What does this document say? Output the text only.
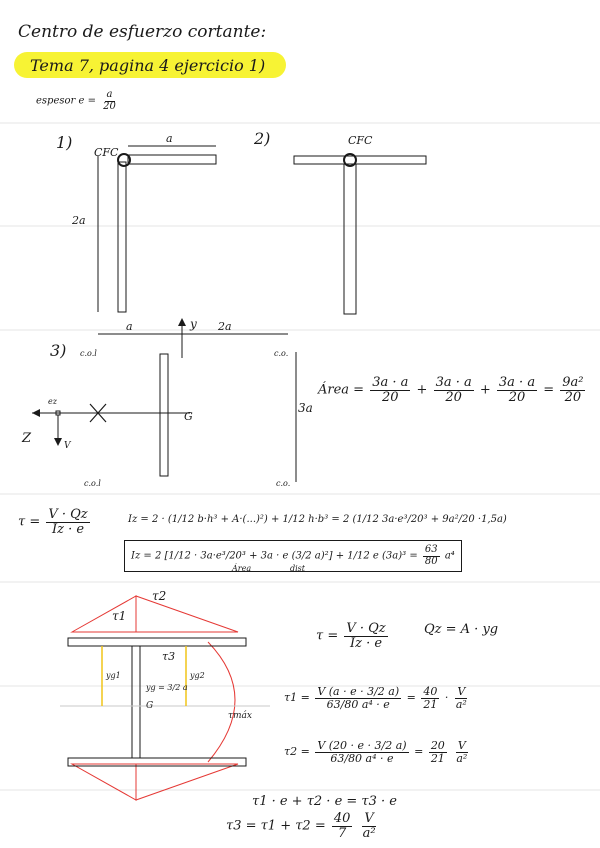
Centro de esfuerzo cortante:
Tema 7, pagina 4 ejercicio 1)
espesor $e = \frac{a}{20}$
1)
CFC
a
2a
2)	CFC
3)
a	2a
y
c.o.l	c.o.
c.o.l	c.o.
3a
ez
V
Z
G
Área = $\frac{3a \cdot a}{20} + \frac{3a \cdot a}{20} + \frac{3a \cdot a}{20} = \frac{\text{9a²}}{20}$
$\tau = \frac{V \cdot Qz}{Iz \cdot e}$	Iz = 2 · (1/12 b·h³ + A·(...)²) + 1/12 h·b³ = 2 (1/12 3a·e³/20³ + 9a²/20 ·1,5a)
Iz = 2 [1/12 · 3a·e³/20³ + 3a · e (3/2 a)²] + 1/12 e $(3a)^3 = \frac{63}{80} a^4$
Área	dist
τ1
τ2
τ3
τmáx
yg1	yg2
yg = 3/2 a
G
$\tau = \frac{V \cdot Qz}{Iz \cdot e}$	Qz = A · yg
$\tau 1 = \frac{V (a \cdot e \cdot 3/2 a)}{\text{63/80 a⁴ · e}} = \frac{40}{21} \cdot \frac{V}{\text{a²}}$
$\tau 2 = \frac{V (20 \cdot e \cdot 3/2 a)}{\text{63/80 a⁴ · e}} = \frac{20}{21}$
$\frac{V}{\text{a²}}$
τ1 · e + τ2 · e = τ3 · e
$\tau 3 = \tau 1 + \tau 2 = \frac{40}{7}$
$\frac{V}{\text{a²}}$
